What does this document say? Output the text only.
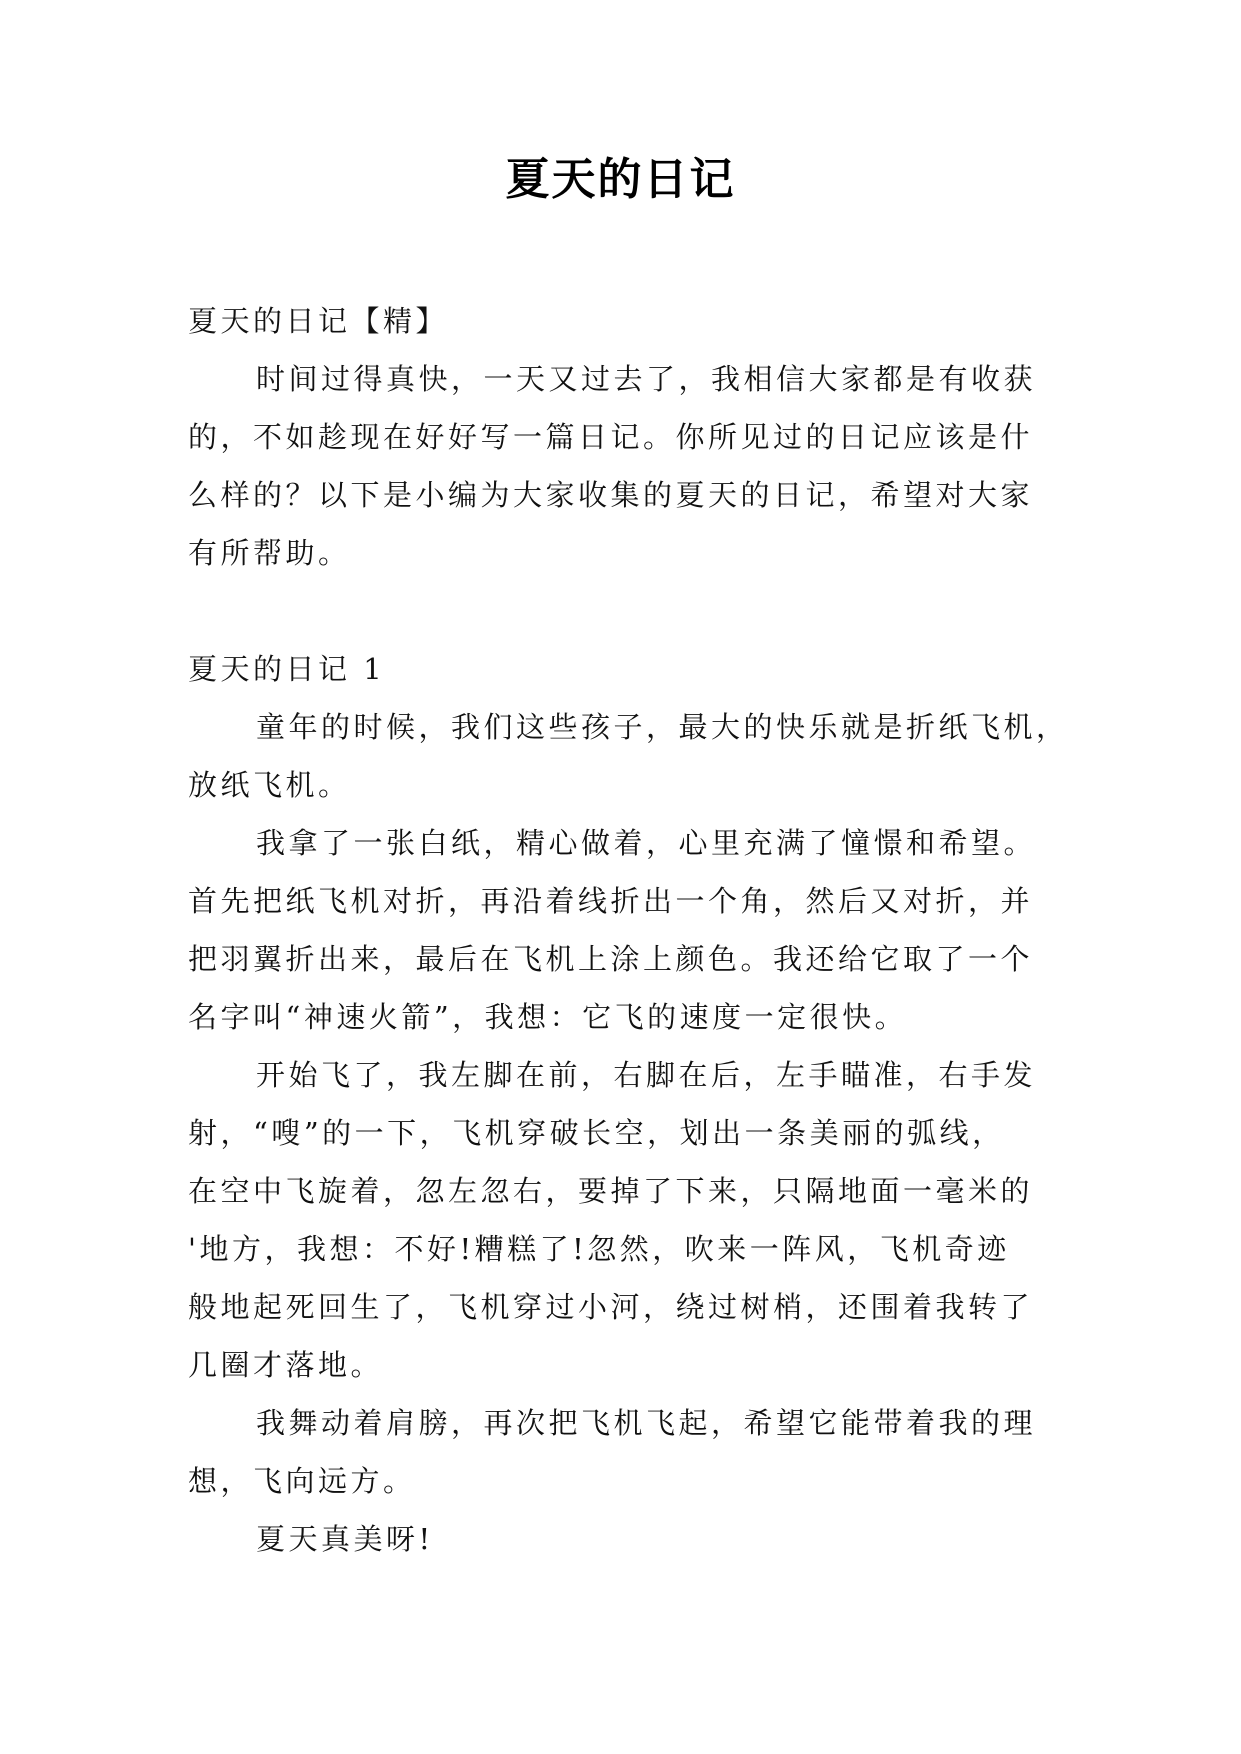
夏天的日记

夏天的日记【精】

时间过得真快，一天又过去了，我相信大家都是有收获

的，不如趁现在好好写一篇日记。你所见过的日记应该是什

么样的？以下是小编为大家收集的夏天的日记，希望对大家

有所帮助。

夏天的日记 1

童年的时候，我们这些孩子，最大的快乐就是折纸飞机，

放纸飞机。

我拿了一张白纸，精心做着，心里充满了憧憬和希望。

首先把纸飞机对折，再沿着线折出一个角，然后又对折，并

把羽翼折出来，最后在飞机上涂上颜色。我还给它取了一个

名字叫“神速火箭”，我想：它飞的速度一定很快。

开始飞了，我左脚在前，右脚在后，左手瞄准，右手发

射，“嗖”的一下，飞机穿破长空，划出一条美丽的弧线，

在空中飞旋着，忽左忽右，要掉了下来，只隔地面一毫米的

'地方，我想：不好!糟糕了!忽然，吹来一阵风，飞机奇迹

般地起死回生了，飞机穿过小河，绕过树梢，还围着我转了

几圈才落地。

我舞动着肩膀，再次把飞机飞起，希望它能带着我的理

想，飞向远方。

夏天真美呀!
